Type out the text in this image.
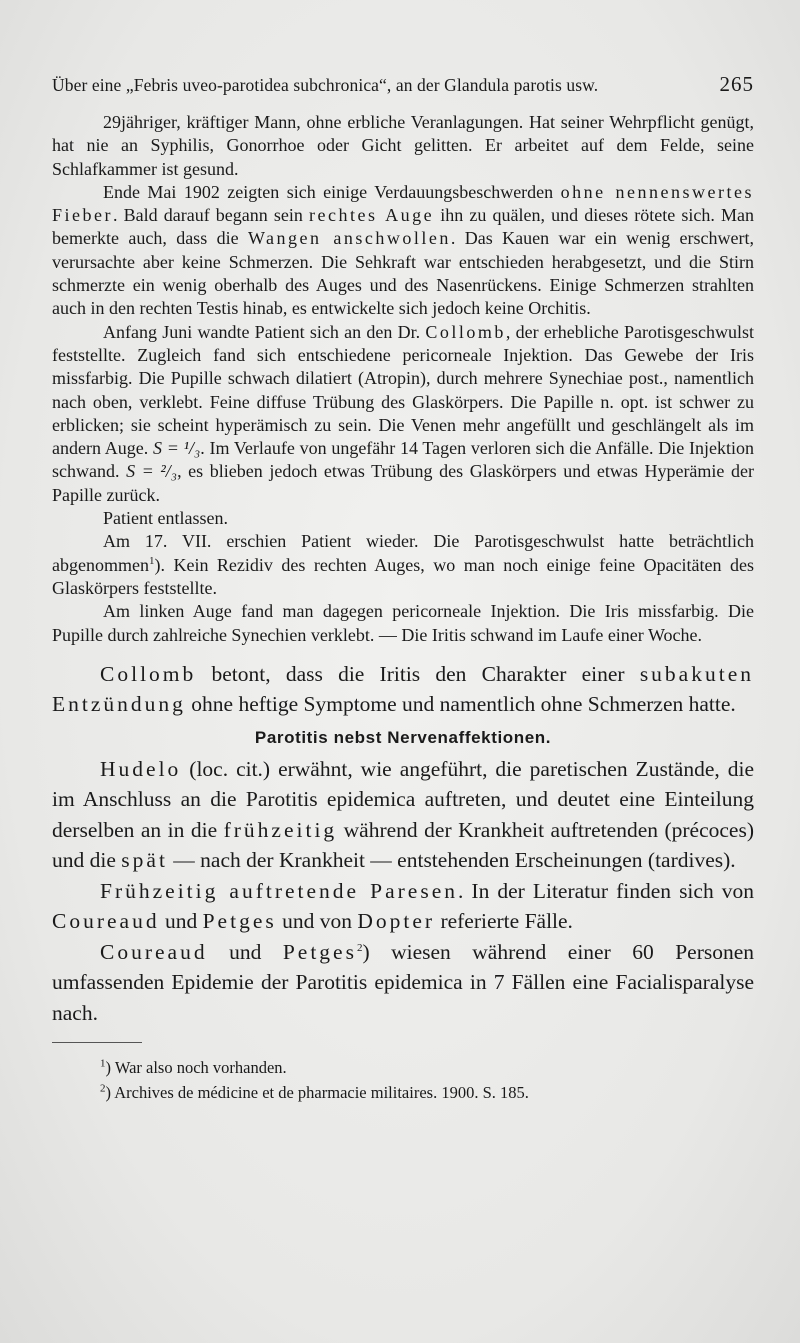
Über eine „Febris uveo-parotidea subchronica“, an der Glandula parotis usw.	265

29jähriger, kräftiger Mann, ohne erbliche Veranlagungen. Hat seiner Wehrpflicht genügt, hat nie an Syphilis, Gonorrhoe oder Gicht gelitten. Er arbeitet auf dem Felde, seine Schlafkammer ist gesund.

Ende Mai 1902 zeigten sich einige Verdauungsbeschwerden ohne nennenswertes Fieber. Bald darauf begann sein rechtes Auge ihn zu quälen, und dieses rötete sich. Man bemerkte auch, dass die Wangen anschwollen. Das Kauen war ein wenig erschwert, verursachte aber keine Schmerzen. Die Sehkraft war entschieden herabgesetzt, und die Stirn schmerzte ein wenig oberhalb des Auges und des Nasenrückens. Einige Schmerzen strahlten auch in den rechten Testis hinab, es entwickelte sich jedoch keine Orchitis.

Anfang Juni wandte Patient sich an den Dr. Collomb, der erhebliche Parotisgeschwulst feststellte. Zugleich fand sich entschiedene pericorneale Injektion. Das Gewebe der Iris missfarbig. Die Pupille schwach dilatiert (Atropin), durch mehrere Synechiae post., namentlich nach oben, verklebt. Feine diffuse Trübung des Glaskörpers. Die Papille n. opt. ist schwer zu erblicken; sie scheint hyperämisch zu sein. Die Venen mehr angefüllt und geschlängelt als im andern Auge. S = ¹/₃. Im Verlaufe von ungefähr 14 Tagen verloren sich die Anfälle. Die Injektion schwand. S = ²/₃, es blieben jedoch etwas Trübung des Glaskörpers und etwas Hyperämie der Papille zurück.

Patient entlassen.

Am 17. VII. erschien Patient wieder. Die Parotisgeschwulst hatte beträchtlich abgenommen$^1$). Kein Rezidiv des rechten Auges, wo man noch einige feine Opacitäten des Glaskörpers feststellte.

Am linken Auge fand man dagegen pericorneale Injektion. Die Iris missfarbig. Die Pupille durch zahlreiche Synechien verklebt. — Die Iritis schwand im Laufe einer Woche.

Collomb betont, dass die Iritis den Charakter einer subakuten Entzündung ohne heftige Symptome und namentlich ohne Schmerzen hatte.

Parotitis nebst Nervenaffektionen.

Hudelo (loc. cit.) erwähnt, wie angeführt, die paretischen Zustände, die im Anschluss an die Parotitis epidemica auftreten, und deutet eine Einteilung derselben an in die frühzeitig während der Krankheit auftretenden (précoces) und die spät — nach der Krankheit — entstehenden Erscheinungen (tardives).

Frühzeitig auftretende Paresen. In der Literatur finden sich von Coureaud und Petges und von Dopter referierte Fälle.

Coureaud und Petges$^2$) wiesen während einer 60 Personen umfassenden Epidemie der Parotitis epidemica in 7 Fällen eine Facialisparalyse nach.

$^1$) War also noch vorhanden.
$^2$) Archives de médicine et de pharmacie militaires. 1900. S. 185.
